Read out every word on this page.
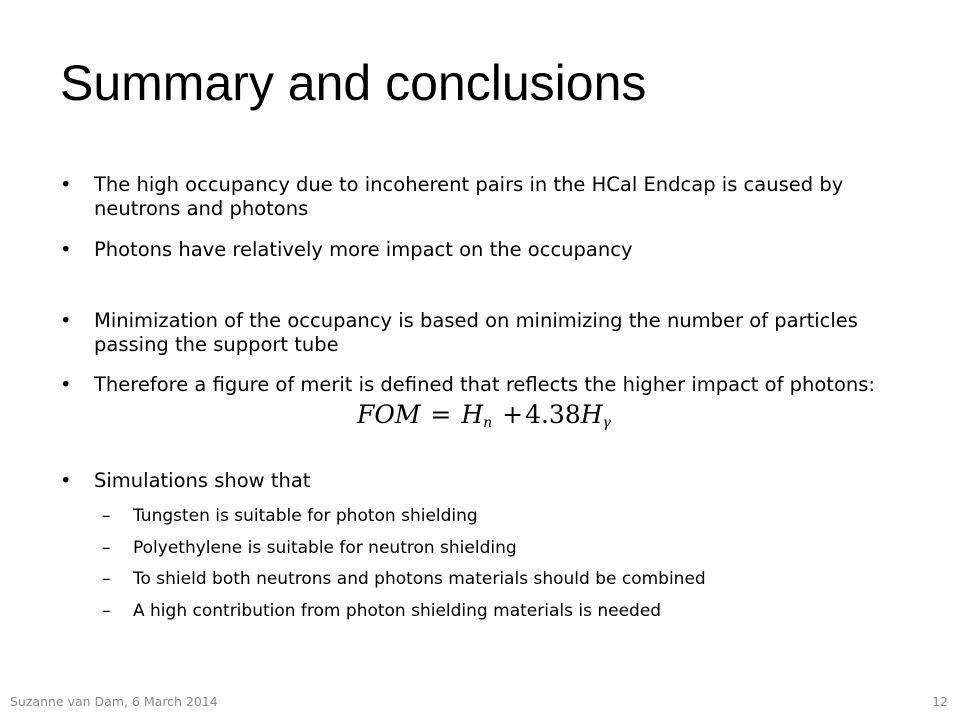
Summary and conclusions
• The high occupancy due to incoherent pairs in the HCal Endcap is caused by neutrons and photons
• Photons have relatively more impact on the occupancy
• Minimization of the occupancy is based on minimizing the number of particles passing the support tube
• Therefore a figure of merit is defined that reflects the higher impact of photons:
FOM = $H_n +4.38H_\gamma$
• Simulations show that
– Tungsten is suitable for photon shielding
– Polyethylene is suitable for neutron shielding
– To shield both neutrons and photons materials should be combined
– A high contribution from photon shielding materials is needed
Suzanne van Dam, 6 March 2014	12
